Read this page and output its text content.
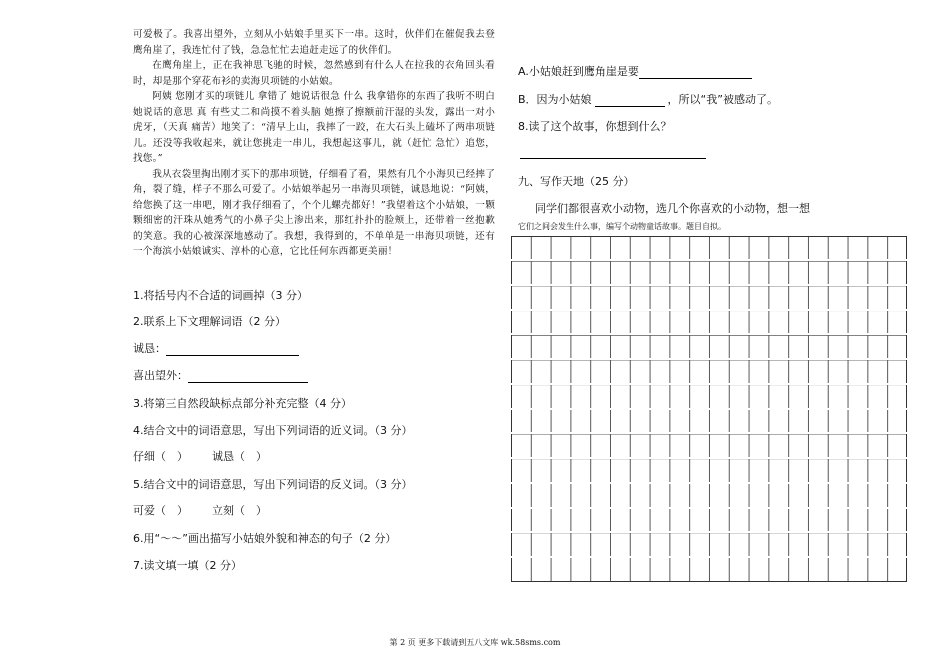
可爱极了。我喜出望外，立刻从小姑娘手里买下一串。这时，伙伴们在催促我去登鹰角崖了，我连忙付了钱，急急忙忙去追赶走远了的伙伴们。

在鹰角崖上，正在我神思飞驰的时候，忽然感到有什么人在拉我的衣角回头看时，却是那个穿花布衫的卖海贝项链的小姑娘。

阿姨 您刚才买的项链儿 拿错了 她说话很急 什么 我拿错你的东西了我听不明白她说话的意思 真 有些丈二和尚摸不着头脑 她擦了擦额前汗湿的头发，露出一对小虎牙，（天真 痛苦）地笑了：“清早上山，我摔了一跤，在大石头上磕坏了两串项链儿。还没等我收起来，就让您挑走一串儿，我想起这事儿，就（赶忙 急忙）追您，找您。”

我从衣袋里掏出刚才买下的那串项链，仔细看了看，果然有几个小海贝已经摔了角，裂了缝，样子不那么可爱了。小姑娘举起另一串海贝项链，诚恳地说：“阿姨，给您换了这一串吧，刚才我仔细看了，个个儿螺壳都好！”我望着这个小姑娘，一颗颗细密的汗珠从她秀气的小鼻子尖上渗出来，那红扑扑的脸颊上，还带着一丝抱歉的笑意。我的心被深深地感动了。我想，我得到的，不单单是一串海贝项链，还有一个海滨小姑娘诚实、淳朴的心意，它比任何东西都更美丽！

1.将括号内不合适的词画掉（3 分）
2.联系上下文理解词语（2 分）
诚恳：
喜出望外：
3.将第三自然段缺标点部分补充完整（4 分）
4.结合文中的词语意思，写出下列词语的近义词。（3 分）
仔细（　） 诚恳（　）
5.结合文中的词语意思，写出下列词语的反义词。（3 分）
可爱（　） 立刻（　）
6.用“～～”画出描写小姑娘外貌和神态的句子（2 分）
7.读文填一填（2 分）
A.小姑娘赶到鹰角崖是要
B．因为小姑娘	，所以“我”被感动了。
8.读了这个故事，你想到什么？
九、写作天地（25 分）
同学们都很喜欢小动物，选几个你喜欢的小动物，想一想
它们之间会发生什么事，编写个动物童话故事。题目自拟。
第 2 页 更多下载请到五八文库 wk.58sms.com
